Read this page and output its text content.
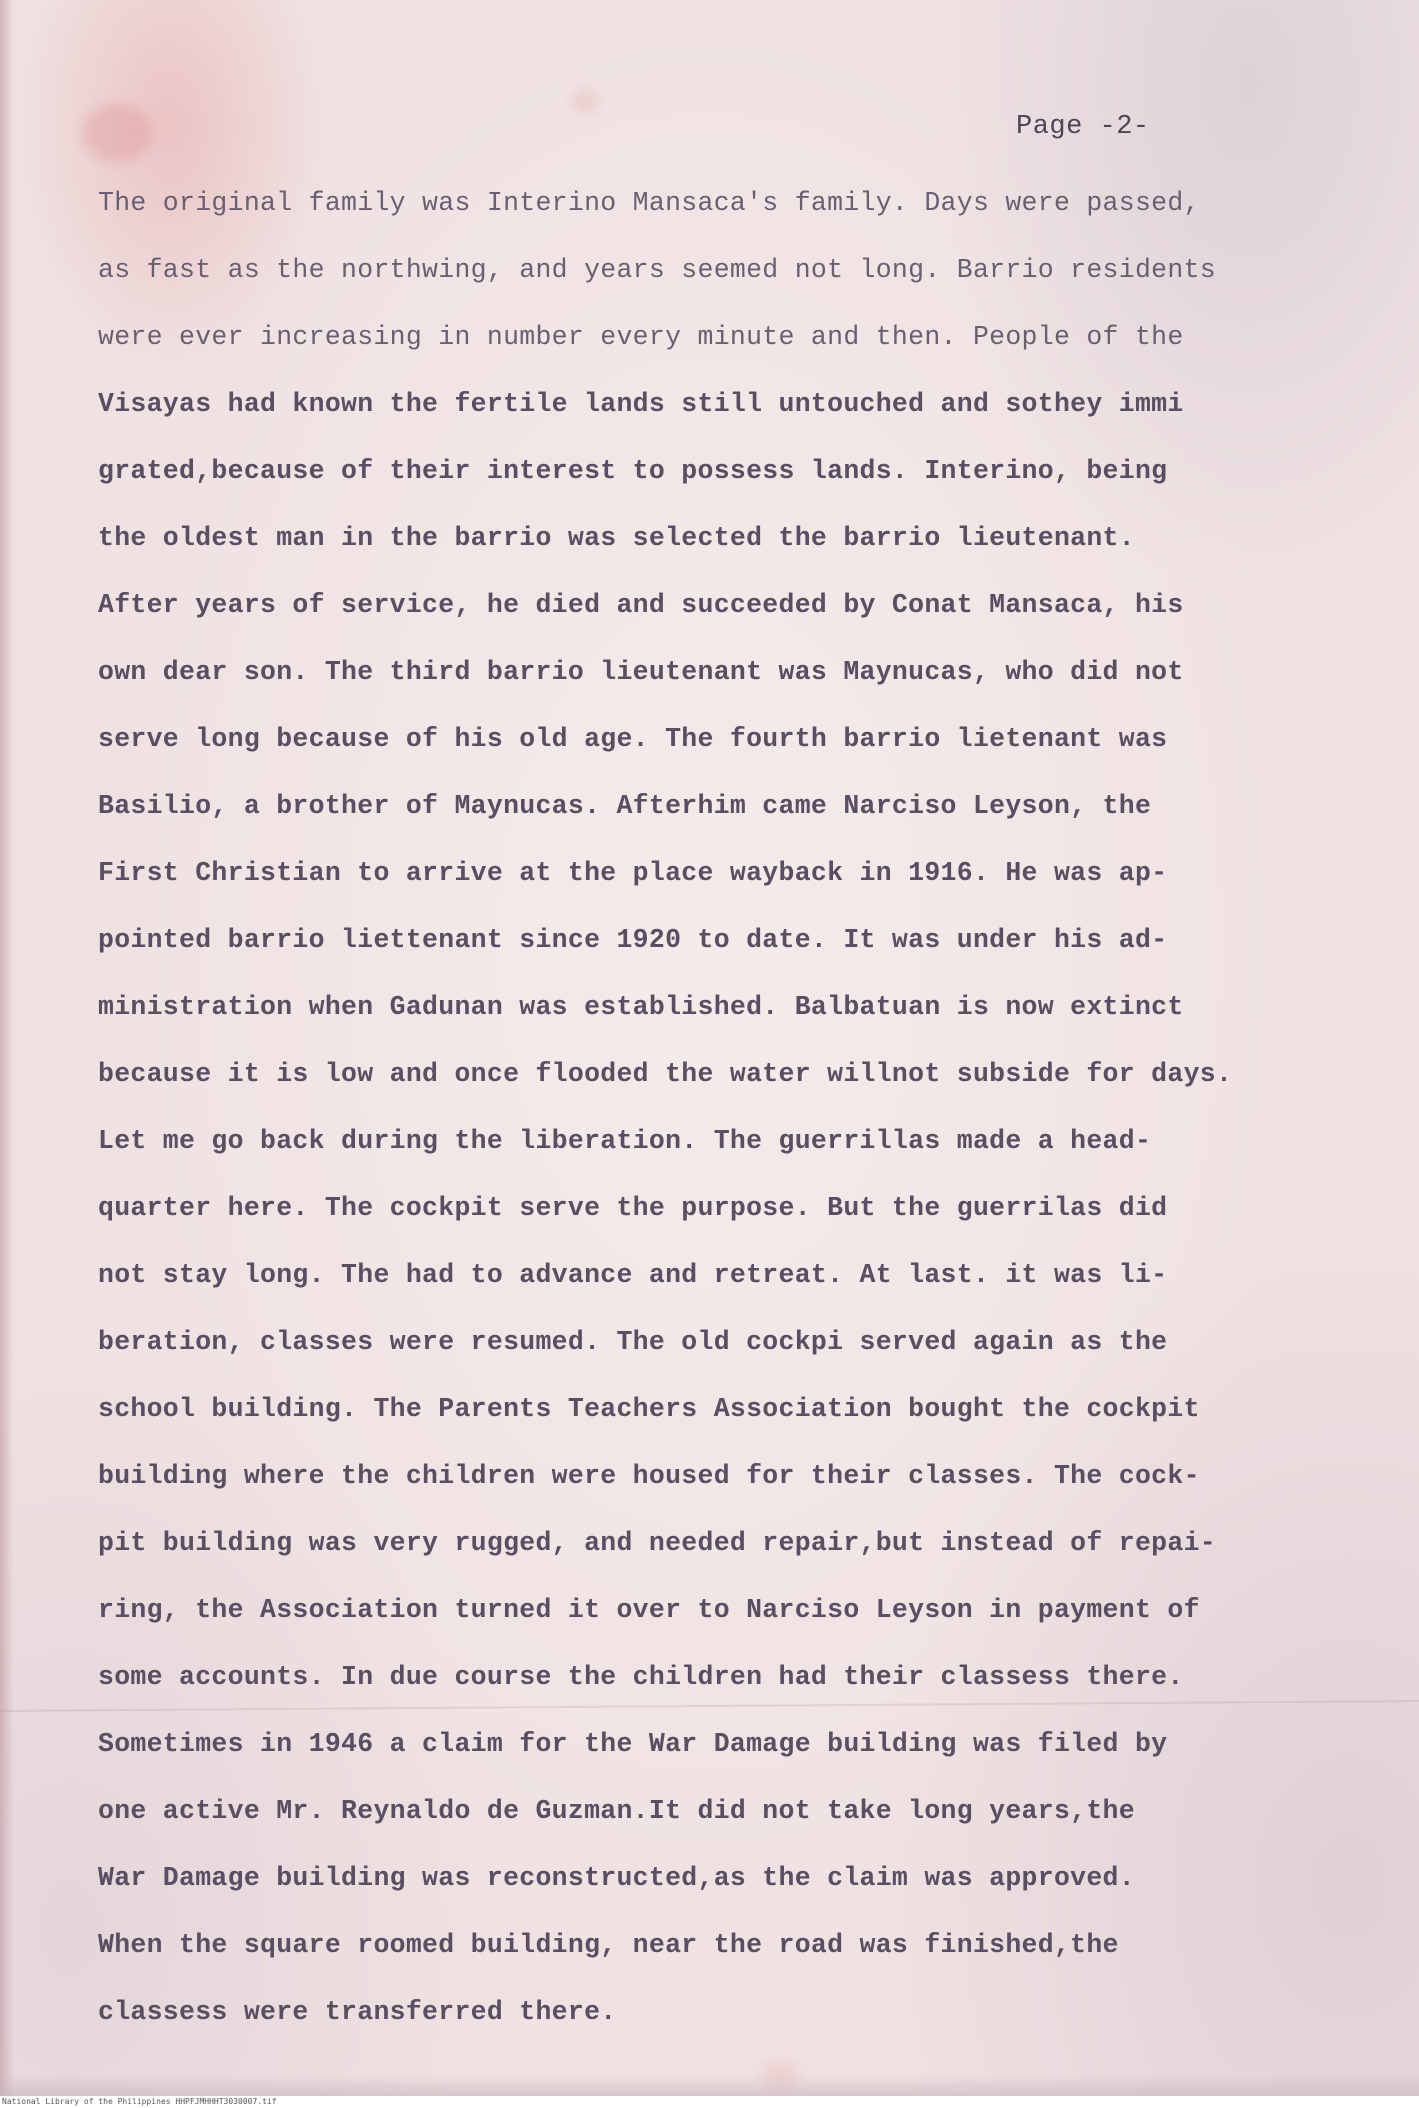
Page -2-
The original family was Interino Mansaca's family. Days were passed,
as fast as the northwing, and years seemed not long. Barrio residents
were ever increasing in number every minute and then. People of the
Visayas had known the fertile lands still untouched and sothey immi
grated,because of their interest to possess lands. Interino, being
the oldest man in the barrio was selected the barrio lieutenant.
After years of service, he died and succeeded by Conat Mansaca, his
own dear son. The third barrio lieutenant was Maynucas, who did not
serve long because of his old age. The fourth barrio lietenant was
Basilio, a brother of Maynucas. Afterhim came Narciso Leyson, the
First Christian to arrive at the place wayback in 1916. He was ap-
pointed barrio liettenant since 1920 to date. It was under his ad-
ministration when Gadunan was established. Balbatuan is now extinct
because it is low and once flooded the water willnot subside for days.
Let me go back during the liberation. The guerrillas made a head-
quarter here. The cockpit serve the purpose. But the guerrilas did
not stay long. The had to advance and retreat. At last. it was li-
beration, classes were resumed. The old cockpi served again as the
school building. The Parents Teachers Association bought the cockpit
building where the children were housed for their classes. The cock-
pit building was very rugged, and needed repair,but instead of repai-
ring, the Association turned it over to Narciso Leyson in payment of
some accounts. In due course the children had their classess there.
Sometimes in 1946 a claim for the War Damage building was filed by
one active Mr. Reynaldo de Guzman.It did not take long years,the
War Damage building was reconstructed,as the claim was approved.
When the square roomed building, near the road was finished,the
classess were transferred there.
National Library of the Philippines HHPFJMHHHT3030007.tif
